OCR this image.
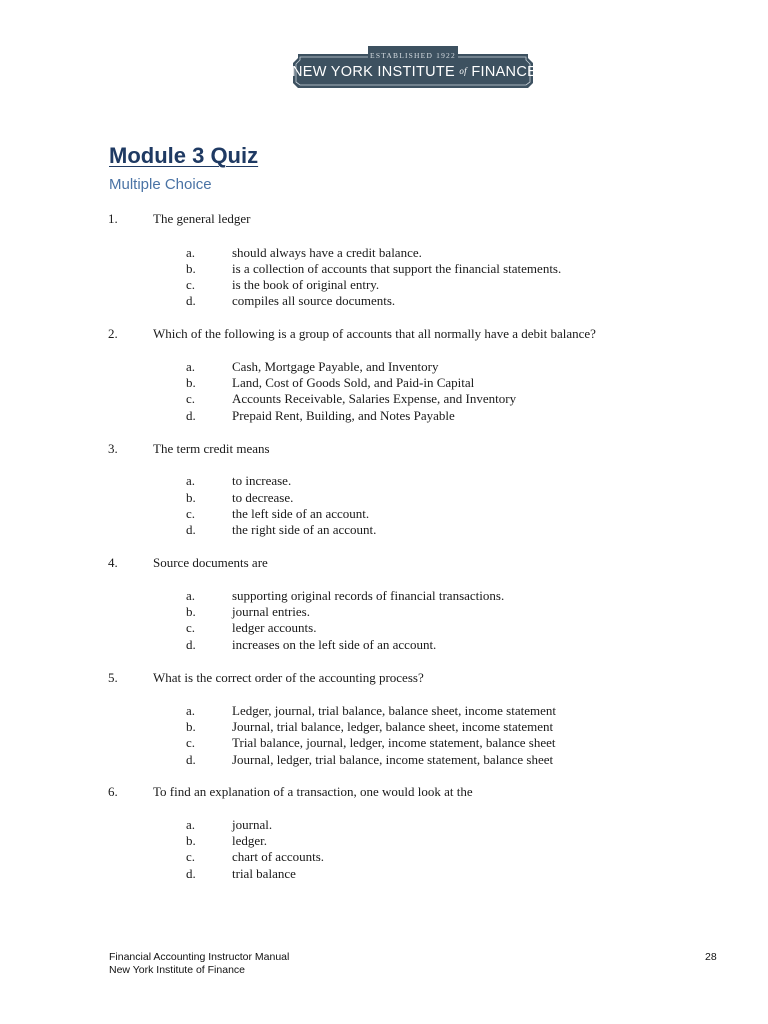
ESTABLISHED 1922
NEW YORK INSTITUTE of FINANCE
Module 3 Quiz
Multiple Choice
1.	The general ledger
a.	should always have a credit balance.
b.	is a collection of accounts that support the financial statements.
c.	is the book of original entry.
d.	compiles all source documents.
2.	Which of the following is a group of accounts that all normally have a debit balance?
a.	Cash, Mortgage Payable, and Inventory
b.	Land, Cost of Goods Sold, and Paid-in Capital
c.	Accounts Receivable, Salaries Expense, and Inventory
d.	Prepaid Rent, Building, and Notes Payable
3.	The term credit means
a.	to increase.
b.	to decrease.
c.	the left side of an account.
d.	the right side of an account.
4.	Source documents are
a.	supporting original records of financial transactions.
b.	journal entries.
c.	ledger accounts.
d.	increases on the left side of an account.
5.	What is the correct order of the accounting process?
a.	Ledger, journal, trial balance, balance sheet, income statement
b.	Journal, trial balance, ledger, balance sheet, income statement
c.	Trial balance, journal, ledger, income statement, balance sheet
d.	Journal, ledger, trial balance, income statement, balance sheet
6.	To find an explanation of a transaction, one would look at the
a.	journal.
b.	ledger.
c.	chart of accounts.
d.	trial balance
Financial Accounting Instructor Manual
New York Institute of Finance
28
